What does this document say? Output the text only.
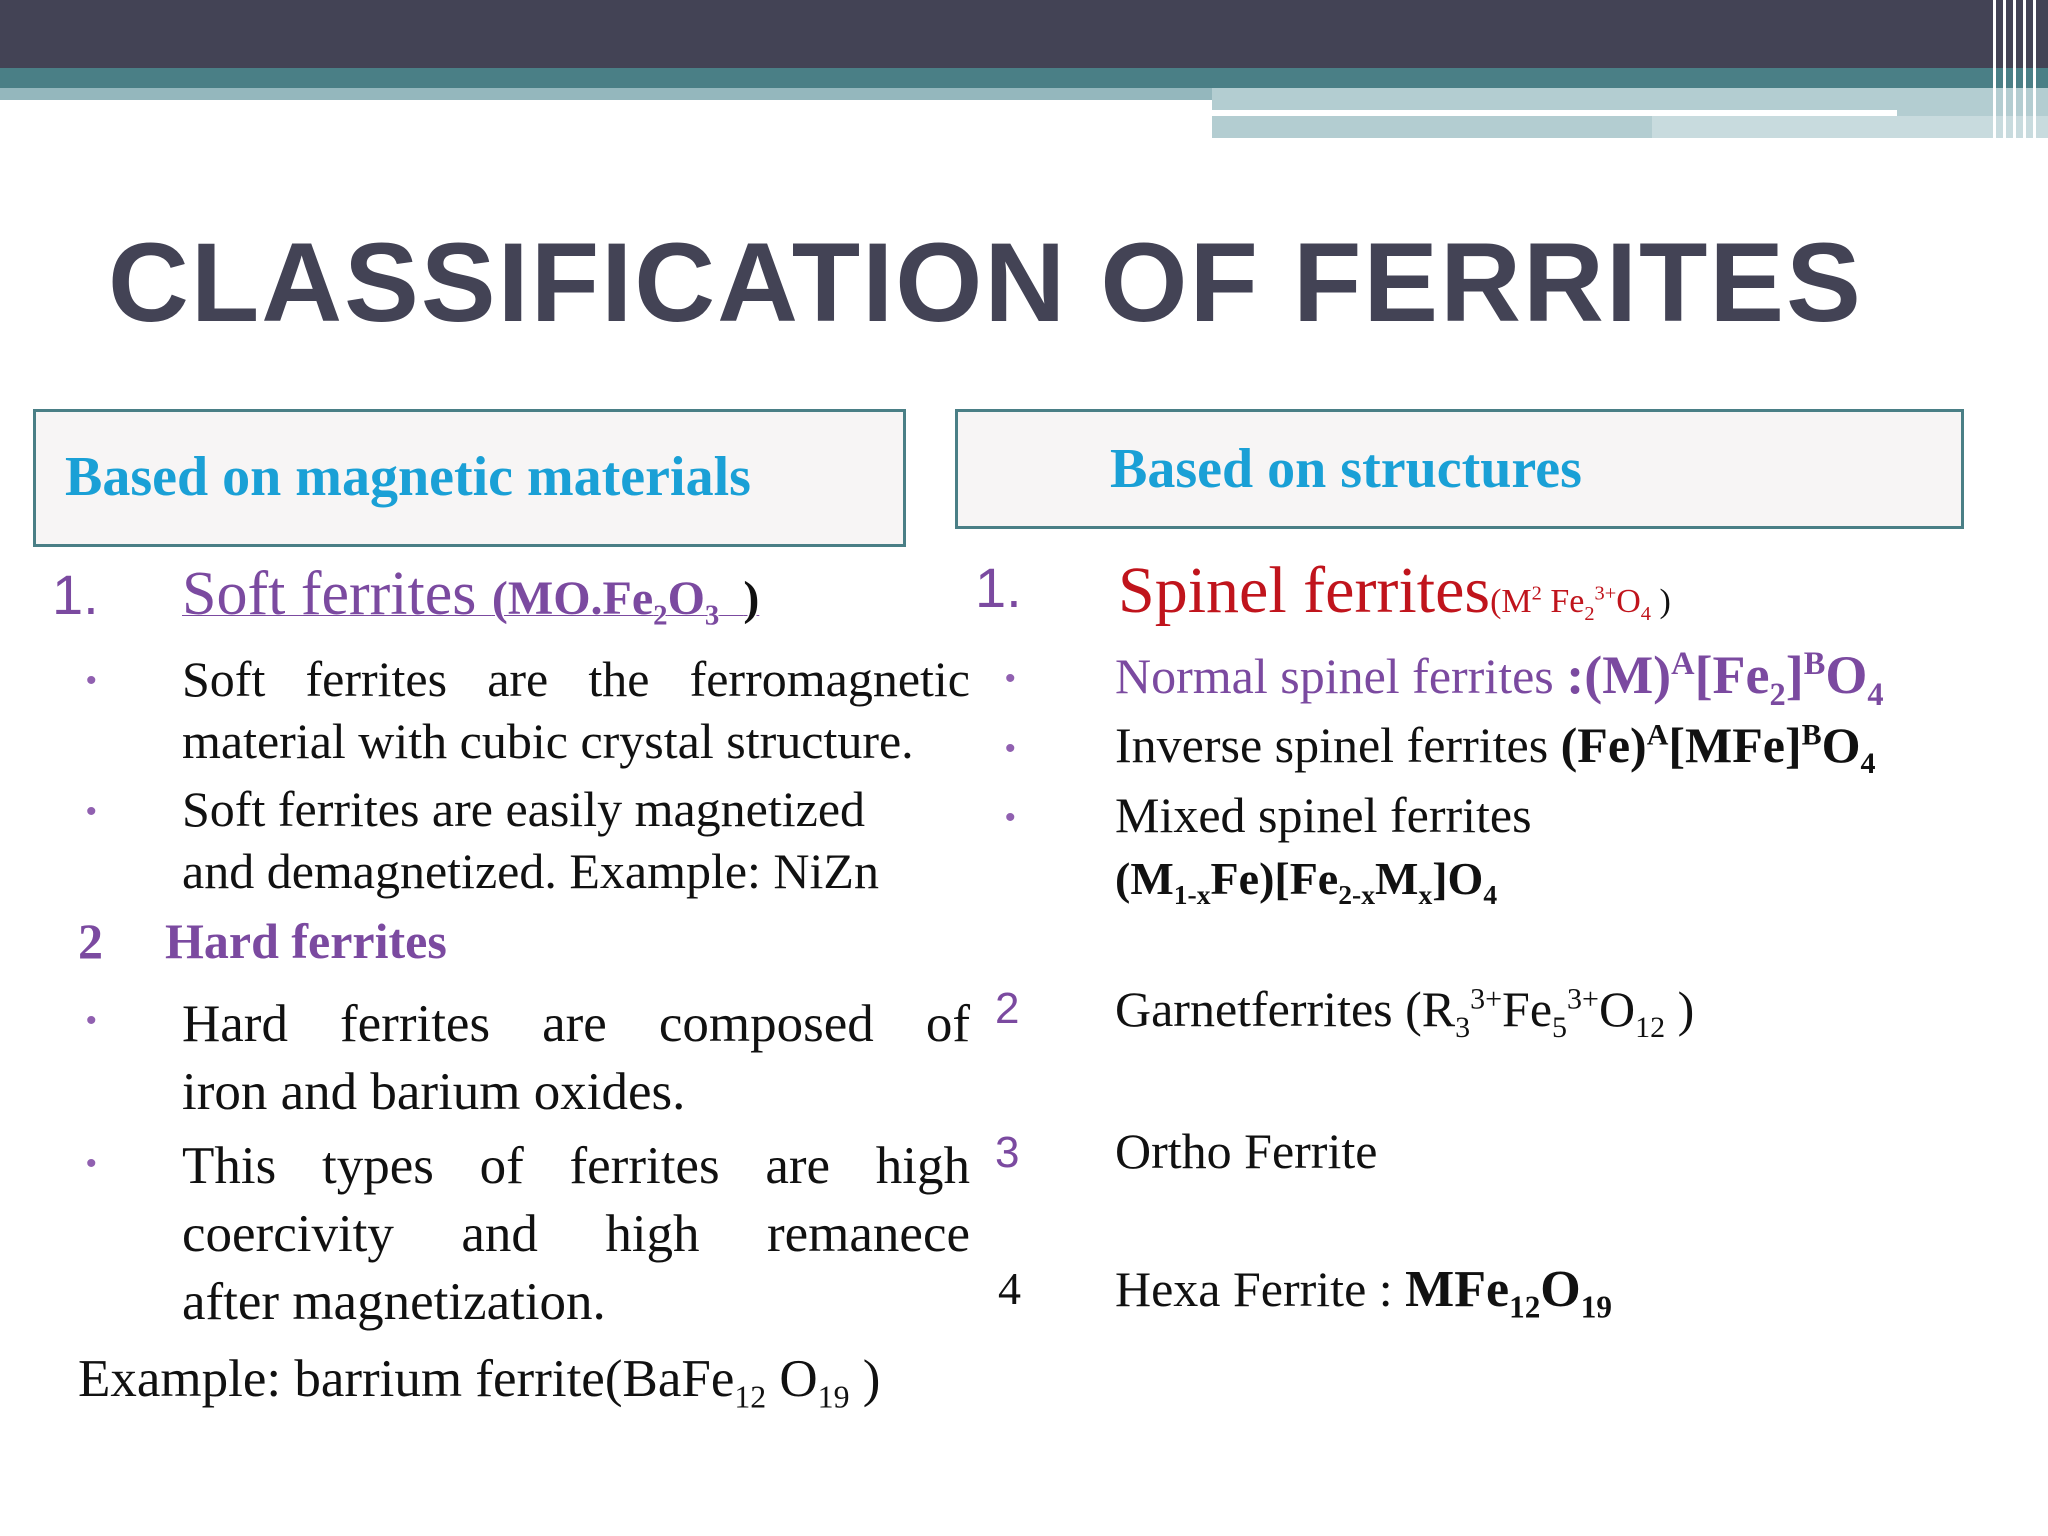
CLASSIFICATION OF FERRITES
Based on magnetic materials	Based on structures
1. Soft ferrites ($MO.Fe_2O_3$ )
• Soft ferrites are the ferromagnetic
material with cubic crystal structure.
• Soft ferrites are easily magnetized
and demagnetized. Example: NiZn
2 Hard ferrites
• Hard ferrites are composed of
iron and barium oxides.
• This types of ferrites are high
coercivity and high remanece
after magnetization.
Example: barrium ferrite(BaFe$_{12}$ $O_{19}$ )
1. Spinel $ferrites(M^2$ $Fe_2^{3+}O_4$ )
• Normal spinel ferrites $:(M)^A[Fe_2]^BO_4$
• Inverse spinel ferrites $(Fe)^A[MFe]^BO_4$
• Mixed spinel ferrites
$(M_{1-x}Fe)[Fe_{2-x}M_x]O_4$
2 Garnetferrites ($R_3^{3+}Fe_5^{3+}O_{12}$ )
3 Ortho Ferrite
4 Hexa Ferrite : $MFe_{12}O_{19}$
